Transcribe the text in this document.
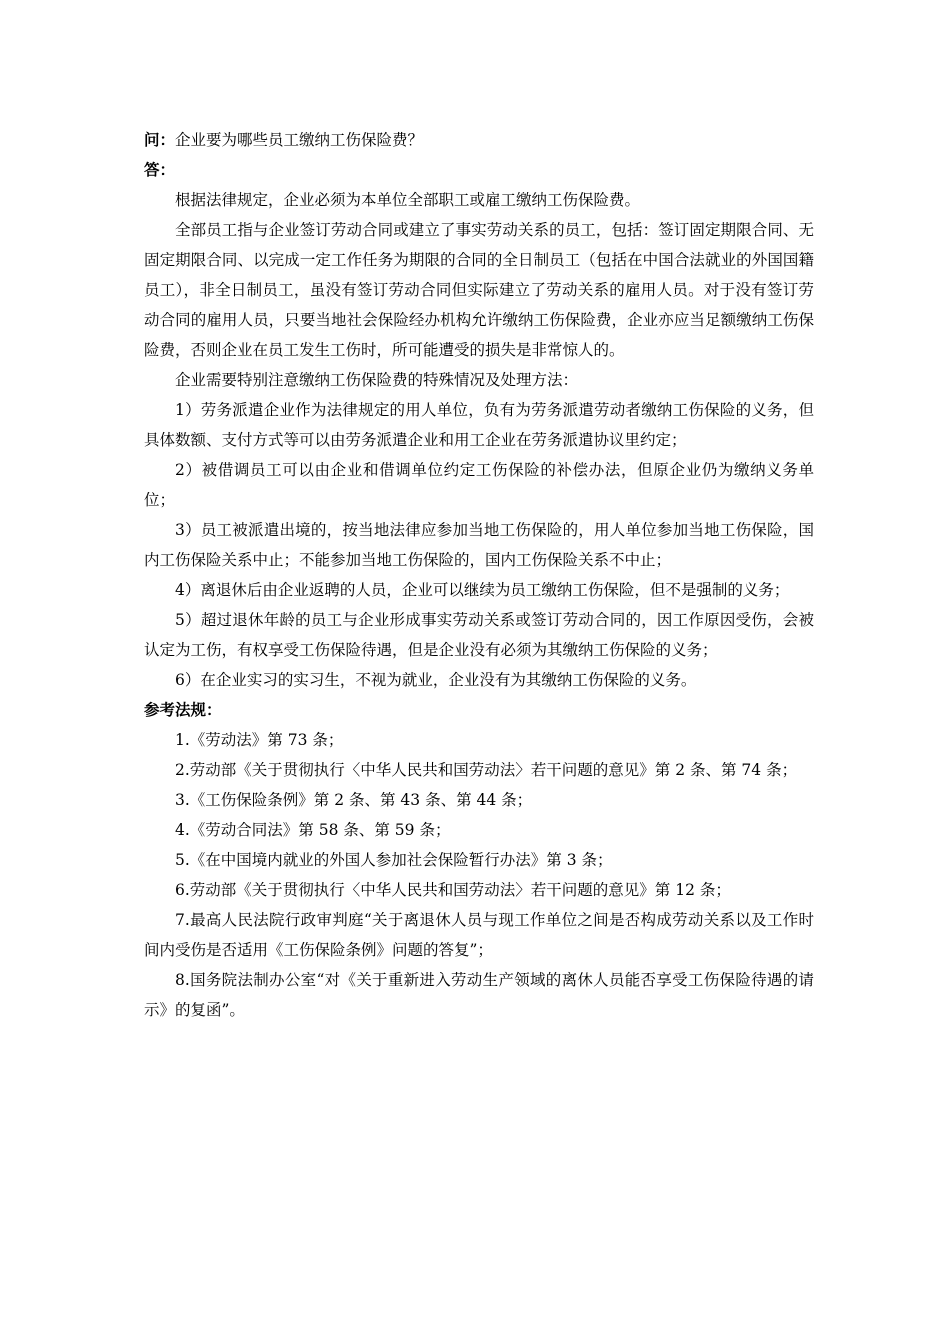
问：企业要为哪些员工缴纳工伤保险费？

答：

根据法律规定，企业必须为本单位全部职工或雇工缴纳工伤保险费。

全部员工指与企业签订劳动合同或建立了事实劳动关系的员工，包括：签订固定期限合同、无固定期限合同、以完成一定工作任务为期限的合同的全日制员工（包括在中国合法就业的外国国籍员工），非全日制员工，虽没有签订劳动合同但实际建立了劳动关系的雇用人员。对于没有签订劳动合同的雇用人员，只要当地社会保险经办机构允许缴纳工伤保险费，企业亦应当足额缴纳工伤保险费，否则企业在员工发生工伤时，所可能遭受的损失是非常惊人的。

企业需要特别注意缴纳工伤保险费的特殊情况及处理方法：

1）劳务派遣企业作为法律规定的用人单位，负有为劳务派遣劳动者缴纳工伤保险的义务，但具体数额、支付方式等可以由劳务派遣企业和用工企业在劳务派遣协议里约定；

2）被借调员工可以由企业和借调单位约定工伤保险的补偿办法，但原企业仍为缴纳义务单位；

3）员工被派遣出境的，按当地法律应参加当地工伤保险的，用人单位参加当地工伤保险，国内工伤保险关系中止；不能参加当地工伤保险的，国内工伤保险关系不中止；

4）离退休后由企业返聘的人员，企业可以继续为员工缴纳工伤保险，但不是强制的义务；

5）超过退休年龄的员工与企业形成事实劳动关系或签订劳动合同的，因工作原因受伤，会被认定为工伤，有权享受工伤保险待遇，但是企业没有必须为其缴纳工伤保险的义务；

6）在企业实习的实习生，不视为就业，企业没有为其缴纳工伤保险的义务。

参考法规：

1.《劳动法》第 73 条；

2.劳动部《关于贯彻执行〈中华人民共和国劳动法〉若干问题的意见》第 2 条、第 74 条；

3.《工伤保险条例》第 2 条、第 43 条、第 44 条；

4.《劳动合同法》第 58 条、第 59 条；

5.《在中国境内就业的外国人参加社会保险暂行办法》第 3 条；

6.劳动部《关于贯彻执行〈中华人民共和国劳动法〉若干问题的意见》第 12 条；

7.最高人民法院行政审判庭“关于离退休人员与现工作单位之间是否构成劳动关系以及工作时间内受伤是否适用《工伤保险条例》问题的答复”；

8.国务院法制办公室“对《关于重新进入劳动生产领域的离休人员能否享受工伤保险待遇的请示》的复函”。
